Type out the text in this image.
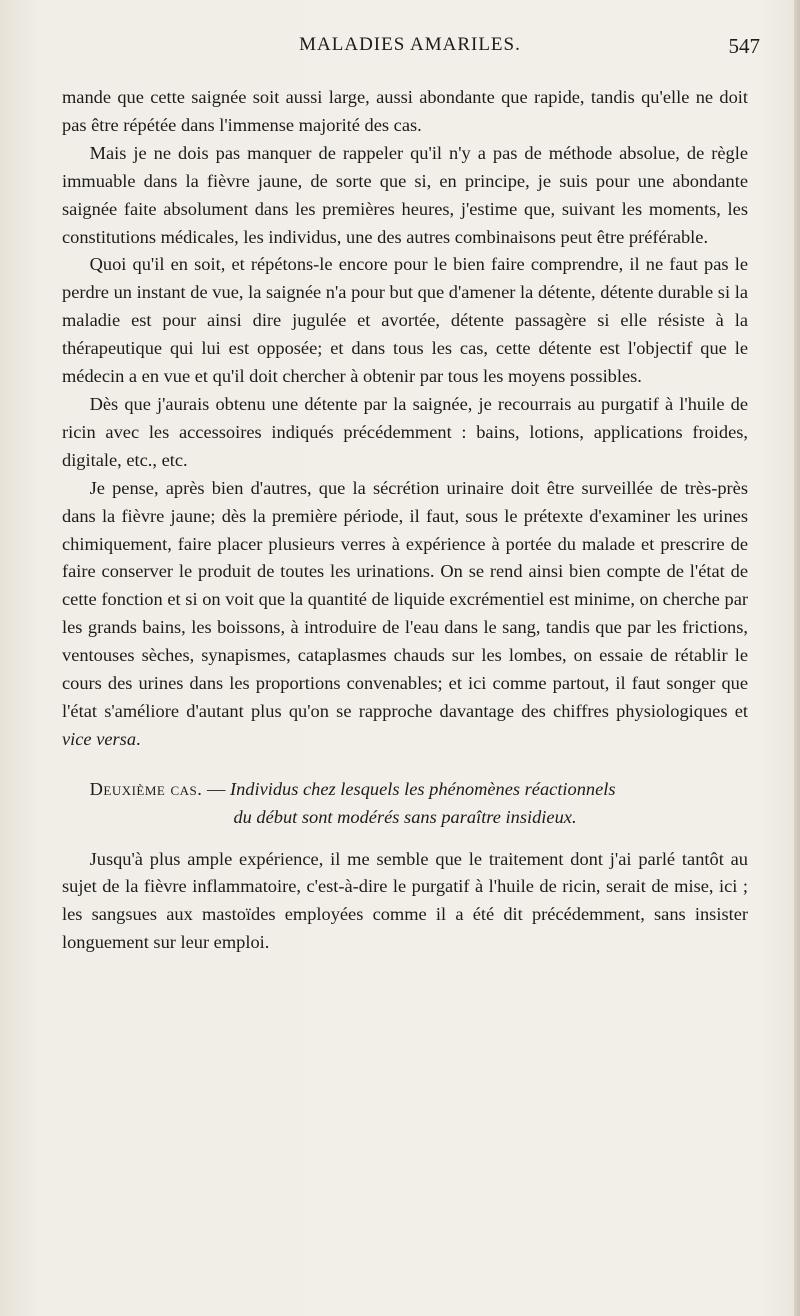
MALADIES AMARILES.	547

mande que cette saignée soit aussi large, aussi abondante que rapide, tandis qu'elle ne doit pas être répétée dans l'immense majorité des cas.

Mais je ne dois pas manquer de rappeler qu'il n'y a pas de méthode absolue, de règle immuable dans la fièvre jaune, de sorte que si, en principe, je suis pour une abondante saignée faite absolument dans les premières heures, j'estime que, suivant les moments, les constitutions médicales, les individus, une des autres combinaisons peut être préférable.

Quoi qu'il en soit, et répétons-le encore pour le bien faire comprendre, il ne faut pas le perdre un instant de vue, la saignée n'a pour but que d'amener la détente, détente durable si la maladie est pour ainsi dire jugulée et avortée, détente passagère si elle résiste à la thérapeutique qui lui est opposée; et dans tous les cas, cette détente est l'objectif que le médecin a en vue et qu'il doit chercher à obtenir par tous les moyens possibles.

Dès que j'aurais obtenu une détente par la saignée, je recourrais au purgatif à l'huile de ricin avec les accessoires indiqués précédemment : bains, lotions, applications froides, digitale, etc., etc.

Je pense, après bien d'autres, que la sécrétion urinaire doit être surveillée de très-près dans la fièvre jaune; dès la première période, il faut, sous le prétexte d'examiner les urines chimiquement, faire placer plusieurs verres à expérience à portée du malade et prescrire de faire conserver le produit de toutes les urinations. On se rend ainsi bien compte de l'état de cette fonction et si on voit que la quantité de liquide excrémentiel est minime, on cherche par les grands bains, les boissons, à introduire de l'eau dans le sang, tandis que par les frictions, ventouses sèches, synapismes, cataplasmes chauds sur les lombes, on essaie de rétablir le cours des urines dans les proportions convenables; et ici comme partout, il faut songer que l'état s'améliore d'autant plus qu'on se rapproche davantage des chiffres physiologiques et vice versa.

Deuxième cas. — Individus chez lesquels les phénomènes réactionnels
du début sont modérés sans paraître insidieux.

Jusqu'à plus ample expérience, il me semble que le traitement dont j'ai parlé tantôt au sujet de la fièvre inflammatoire, c'est-à-dire le purgatif à l'huile de ricin, serait de mise, ici ; les sangsues aux mastoïdes employées comme il a été dit précédemment, sans insister longuement sur leur emploi.
